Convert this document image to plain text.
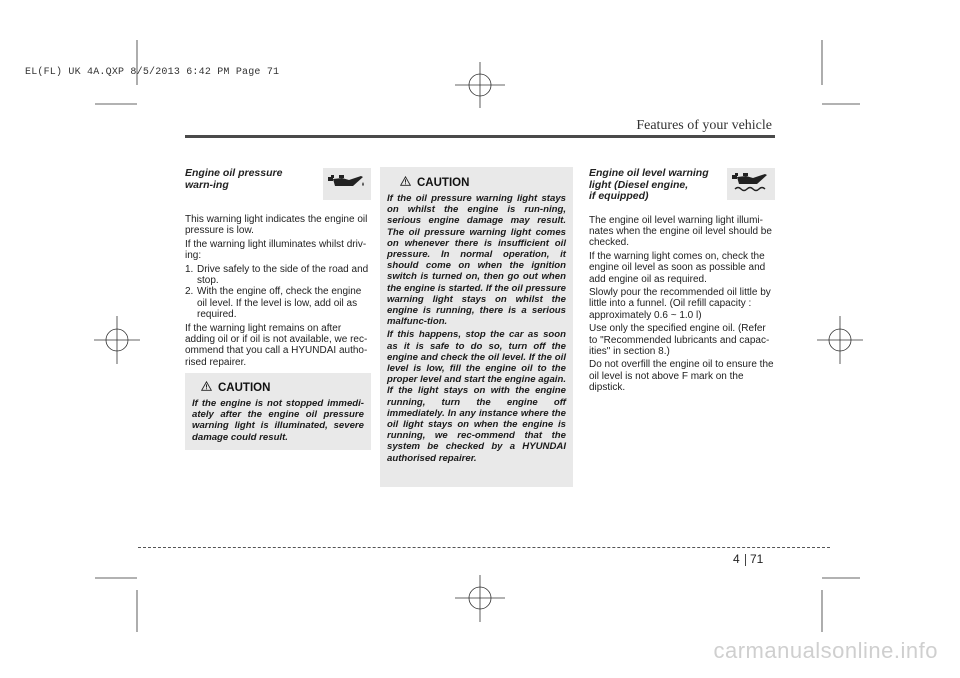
EL(FL) UK 4A.QXP 8/5/2013 6:42 PM Page 71
Features of your vehicle
Engine oil pressure warn-ing

This warning light indicates the engine oil pressure is low.

If the warning light illuminates whilst driv-ing:

1. Drive safely to the side of the road and stop.
2. With the engine off, check the engine oil level. If the level is low, add oil as required.

If the warning light remains on after adding oil or if oil is not available, we rec-ommend that you call a HYUNDAI autho-rised repairer.

CAUTION
If the engine is not stopped immedi-ately after the engine oil pressure warning light is illuminated, severe damage could result.
CAUTION

If the oil pressure warning light stays on whilst the engine is run-ning, serious engine damage may result. The oil pressure warning light comes on whenever there is insufficient oil pressure. In normal operation, it should come on when the ignition switch is turned on, then go out when the engine is started. If the oil pressure warning light stays on whilst the engine is running, there is a serious malfunc-tion.

If this happens, stop the car as soon as it is safe to do so, turn off the engine and check the oil level. If the oil level is low, fill the engine oil to the proper level and start the engine again. If the light stays on with the engine running, turn the engine off immediately. In any instance where the oil light stays on when the engine is running, we rec-ommend that the system be checked by a HYUNDAI authorised repairer.

Engine oil level warning
light (Diesel engine,
if equipped)

The engine oil level warning light illumi-nates when the engine oil level should be checked.

If the warning light comes on, check the engine oil level as soon as possible and add engine oil as required.

Slowly pour the recommended oil little by little into a funnel. (Oil refill capacity : approximately 0.6 ~ 1.0 l)

Use only the specified engine oil. (Refer to "Recommended lubricants and capac-ities" in section 8.)

Do not overfill the engine oil to ensure the oil level is not above F mark on the dipstick.

4 71
carmanualsonline.info
